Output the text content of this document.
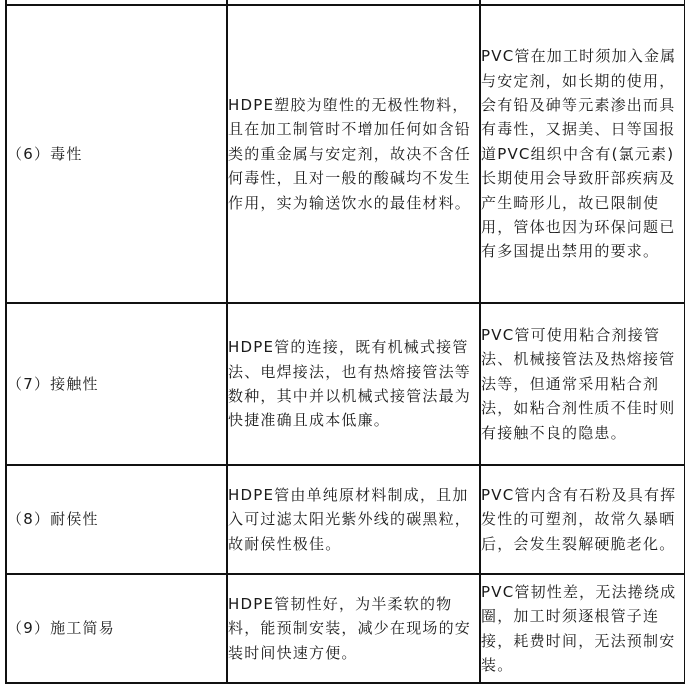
（6）毒性	HDPE塑胶为堕性的无极性物料，且在加工制管时不增加任何如含铅类的重金属与安定剂，故决不含任何毒性，且对一般的酸碱均不发生作用，实为输送饮水的最佳材料。	PVC管在加工时须加入金属与安定剂，如长期的使用，会有铅及砷等元素渗出而具有毒性，又据美、日等国报道PVC组织中含有(氯元素)长期使用会导致肝部疾病及产生畸形儿，故已限制使用，管体也因为环保问题已有多国提出禁用的要求。
（7）接触性	HDPE管的连接，既有机械式接管法、电焊接法，也有热熔接管法等数种，其中并以机械式接管法最为快捷准确且成本低廉。	PVC管可使用粘合剂接管法、机械接管法及热熔接管法等，但通常采用粘合剂法，如粘合剂性质不佳时则有接触不良的隐患。
（8）耐侯性	HDPE管由单纯原材料制成，且加入可过滤太阳光紫外线的碳黑粒，故耐侯性极佳。	PVC管内含有石粉及具有挥发性的可塑剂，故常久暴晒后，会发生裂解硬脆老化。
（9）施工简易	HDPE管韧性好，为半柔软的物料，能预制安装，减少在现场的安装时间快速方便。	PVC管韧性差，无法捲绕成圈，加工时须逐根管子连接，耗费时间，无法预制安装。
